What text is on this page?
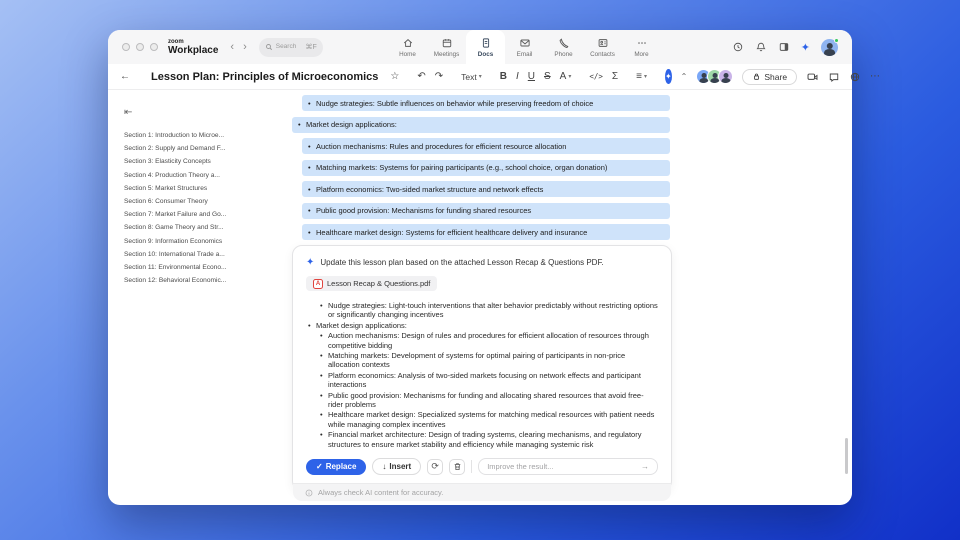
zoom
Workplace ‹ ›	Search ⌘F
Home	Meetings	Docs	Email	Phone	Contacts	More
✦
← Lesson Plan: Principles of Microeconomics ☆ ↶ ↷ Text ▾ B I U S A ▾ </> Σ ≡ ▾ ✦ ⌃	Share	⋯
⇤
Section 1: Introduction to Microe...
Section 2: Supply and Demand F...
Section 3: Elasticity Concepts
Section 4: Production Theory a...
Section 5: Market Structures
Section 6: Consumer Theory
Section 7: Market Failure and Go...
Section 8: Game Theory and Str...
Section 9: Information Economics
Section 10: International Trade a...
Section 11: Environmental Econo...
Section 12: Behavioral Economic...
• Nudge strategies: Subtle influences on behavior while preserving freedom of choice
• Market design applications:
• Auction mechanisms: Rules and procedures for efficient resource allocation
• Matching markets: Systems for pairing participants (e.g., school choice, organ donation)
• Platform economics: Two-sided market structure and network effects
• Public good provision: Mechanisms for funding shared resources
• Healthcare market design: Systems for efficient healthcare delivery and insurance
✦ Update this lesson plan based on the attached Lesson Recap & Questions PDF.
A Lesson Recap & Questions.pdf
• Nudge strategies: Light-touch interventions that alter behavior predictably without restricting options or significantly changing incentives
• Market design applications:
• Auction mechanisms: Design of rules and procedures for efficient allocation of resources through competitive bidding
• Matching markets: Development of systems for optimal pairing of participants in non-price allocation contexts
• Platform economics: Analysis of two-sided markets focusing on network effects and participant interactions
• Public good provision: Mechanisms for funding and allocating shared resources that avoid free-rider problems
• Healthcare market design: Specialized systems for matching medical resources with patient needs while managing complex incentives
• Financial market architecture: Design of trading systems, clearing mechanisms, and regulatory structures to ensure market stability and efficiency while managing systemic risk
✓ Replace	↓ Insert	⟳	Improve the result...	→
Always check AI content for accuracy.
